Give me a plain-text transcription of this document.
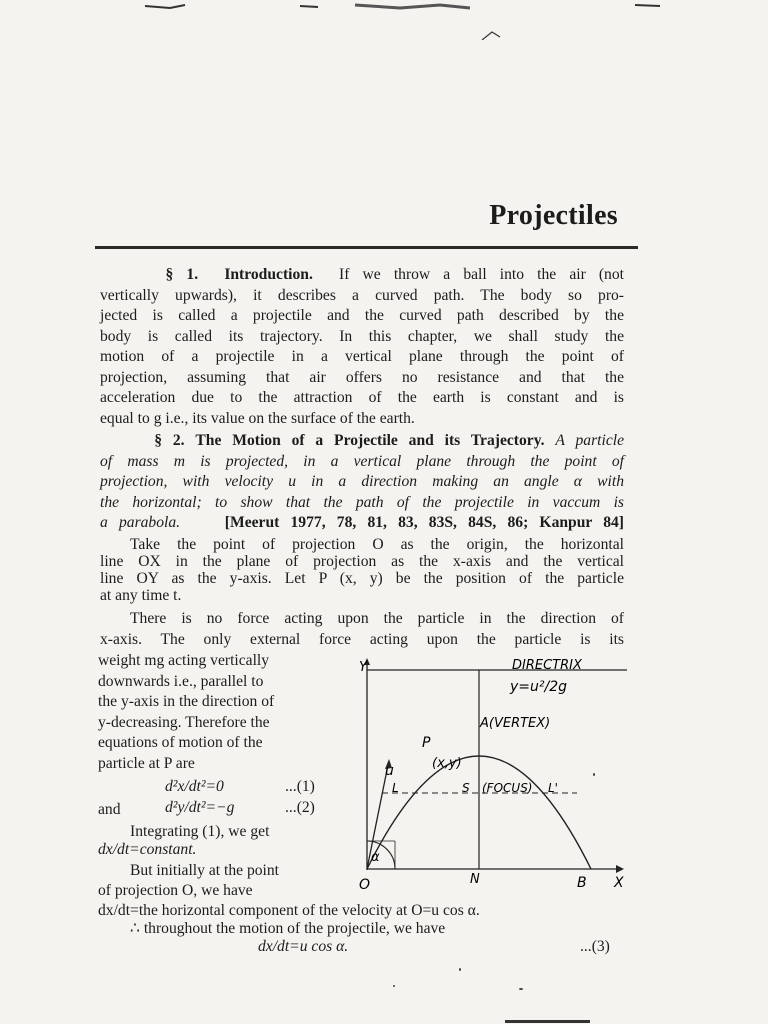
Projectiles
§ 1. Introduction. If we throw a ball into the air (not
vertically upwards), it describes a curved path. The body so pro-
jected is called a projectile and the curved path described by the
body is called its trajectory. In this chapter, we shall study the
motion of a projectile in a vertical plane through the point of
projection, assuming that air offers no resistance and that the
acceleration due to the attraction of the earth is constant and is
equal to g i.e., its value on the surface of the earth.
§ 2. The Motion of a Projectile and its Trajectory. A particle
of mass m is projected, in a vertical plane through the point of
projection, with velocity u in a direction making an angle α with
the horizontal; to show that the path of the projectile in vaccum is
a parabola.	[Meerut 1977, 78, 81, 83, 83S, 84S, 86; Kanpur 84]
Take the point of projection O as the origin, the horizontal
line OX in the plane of projection as the x-axis and the vertical
line OY as the y-axis. Let P (x, y) be the position of the particle
at any time t.
There is no force acting upon the particle in the direction of
x-axis. The only external force acting upon the particle is its
weight mg acting vertically
downwards i.e., parallel to
the y-axis in the direction of
y-decreasing. Therefore the
equations of motion of the
particle at P are
d²x/dt²=0	...(1)
and	d²y/dt²=−g	...(2)
Integrating (1), we get
dx/dt=constant.
But initially at the point
of projection O, we have
dx/dt=the horizontal component of the velocity at O=u cos α.
∴ throughout the motion of the projectile, we have
dx/dt=u cos α.	...(3)
Y	DIRECTRIX
y=u²/2g
A(VERTEX)
P
(x,y)
u
L	S (FOCUS) L'
α
O	N	B X
